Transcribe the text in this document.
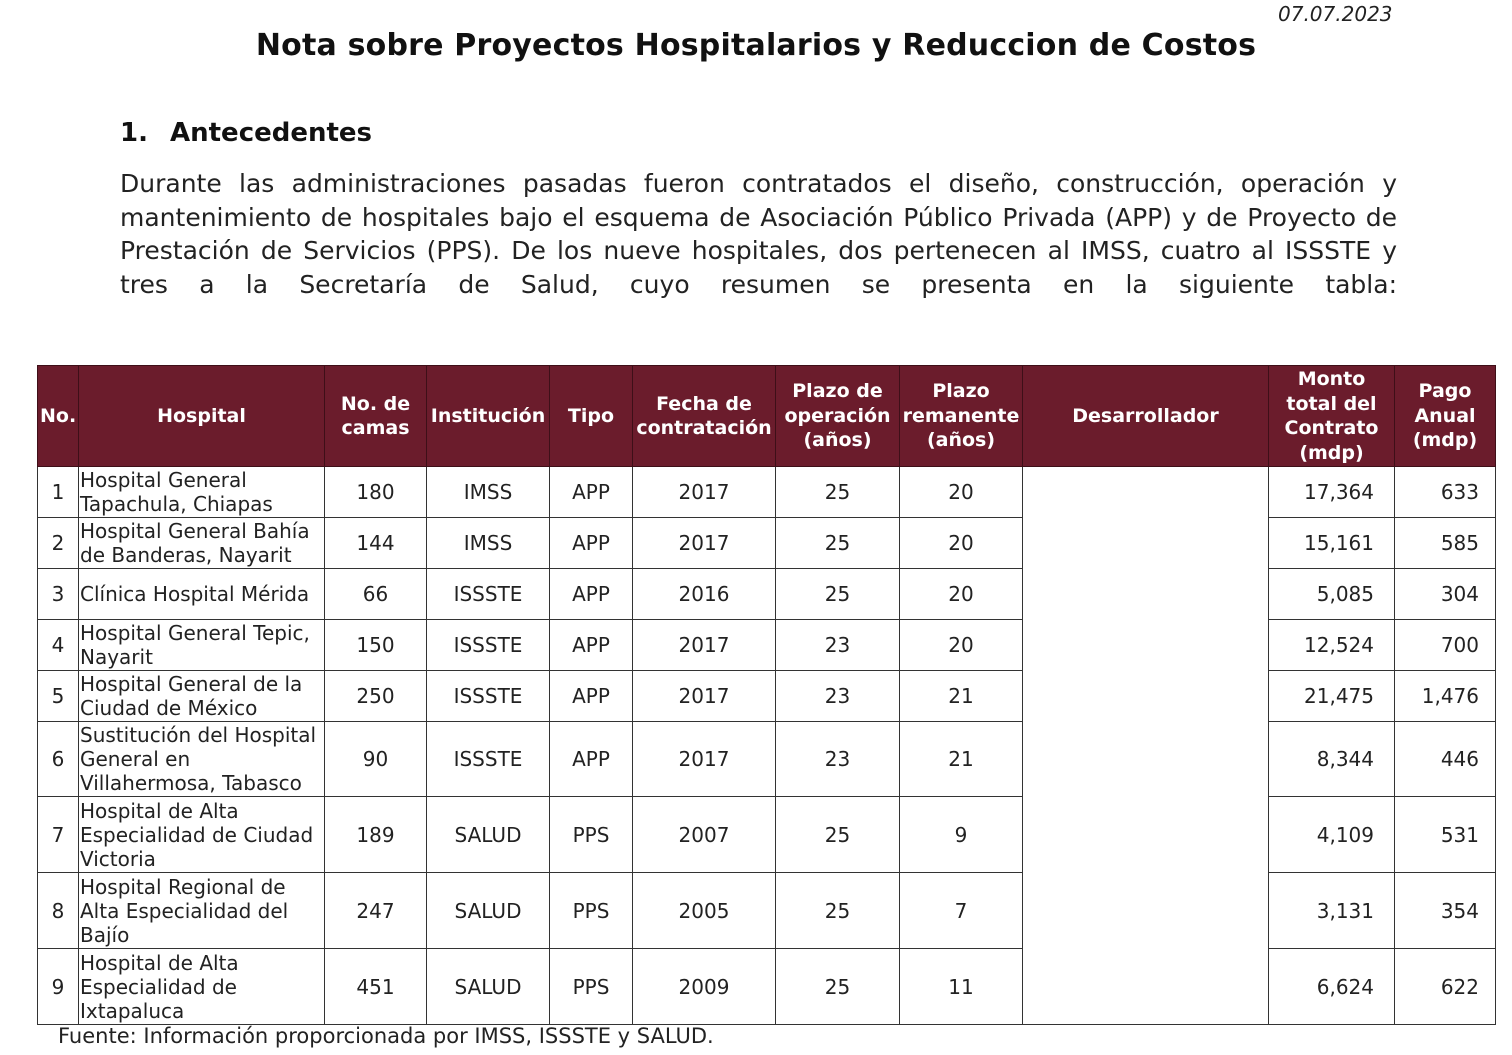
07.07.2023
Nota sobre Proyectos Hospitalarios y Reduccion de Costos
1. Antecedentes
Durante las administraciones pasadas fueron contratados el diseño, construcción, operación y mantenimiento de hospitales bajo el esquema de Asociación Público Privada (APP) y de Proyecto de Prestación de Servicios (PPS). De los nueve hospitales, dos pertenecen al IMSS, cuatro al ISSSTE y tres a la Secretaría de Salud, cuyo resumen se presenta en la siguiente tabla:
No.	Hospital	No. de camas	Institución	Tipo	Fecha de contratación	Plazo de operación (años)	Plazo remanente (años)	Desarrollador	Monto total del Contrato (mdp)	Pago Anual (mdp)
1	Hospital General Tapachula, Chiapas	180	IMSS	APP	2017	25	20		17,364	633
2	Hospital General Bahía de Banderas, Nayarit	144	IMSS	APP	2017	25	20		15,161	585
3	Clínica Hospital Mérida	66	ISSSTE	APP	2016	25	20		5,085	304
4	Hospital General Tepic, Nayarit	150	ISSSTE	APP	2017	23	20		12,524	700
5	Hospital General de la Ciudad de México	250	ISSSTE	APP	2017	23	21		21,475	1,476
6	Sustitución del Hospital General en Villahermosa, Tabasco	90	ISSSTE	APP	2017	23	21		8,344	446
7	Hospital de Alta Especialidad de Ciudad Victoria	189	SALUD	PPS	2007	25	9		4,109	531
8	Hospital Regional de Alta Especialidad del Bajío	247	SALUD	PPS	2005	25	7		3,131	354
9	Hospital de Alta Especialidad de Ixtapaluca	451	SALUD	PPS	2009	25	11		6,624	622
Fuente: Información proporcionada por IMSS, ISSSTE y SALUD.
